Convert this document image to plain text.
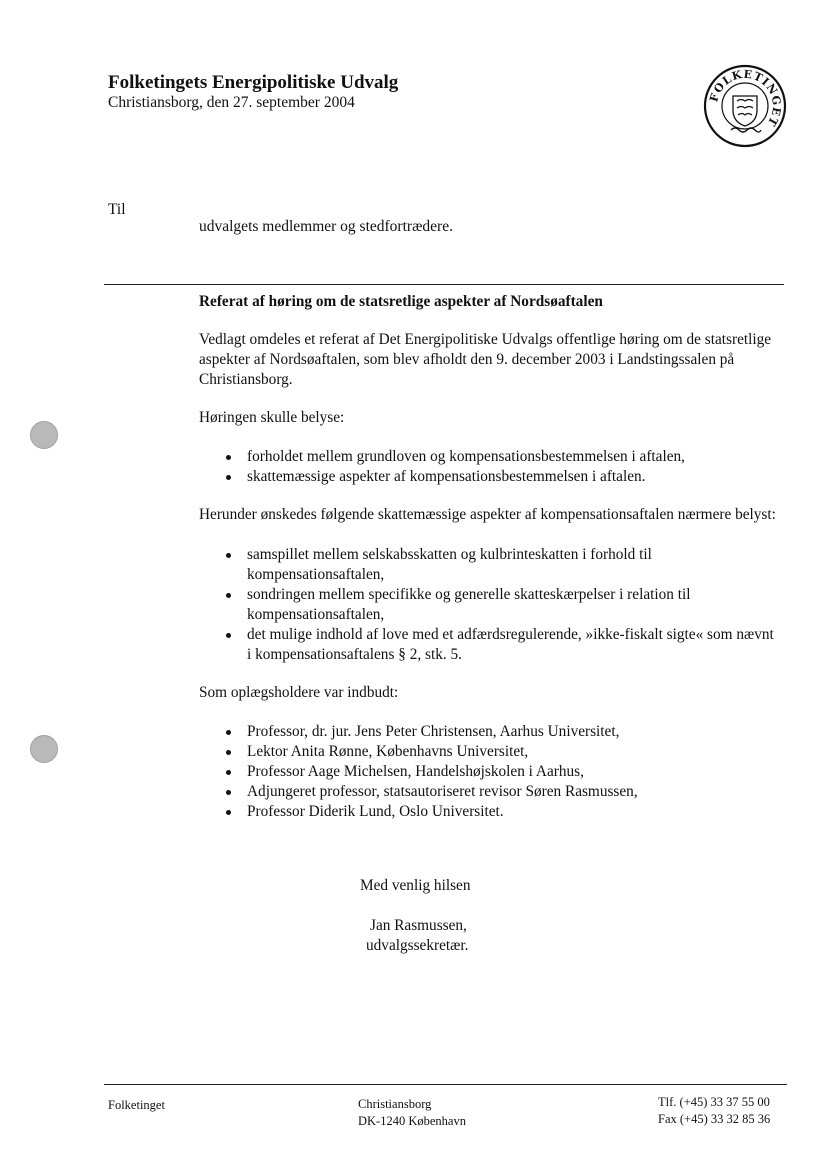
Folketingets Energipolitiske Udvalg
Christiansborg, den 27. september 2004	FOLKETINGET
Til
udvalgets medlemmer og stedfortrædere.

Referat af høring om de statsretlige aspekter af Nordsøaftalen

Vedlagt omdeles et referat af Det Energipolitiske Udvalgs offentlige høring om de statsretlige aspekter af Nordsøaftalen, som blev afholdt den 9. december 2003 i Landstingssalen på Christiansborg.

Høringen skulle belyse:

forholdet mellem grundloven og kompensationsbestemmelsen i aftalen,
skattemæssige aspekter af kompensationsbestemmelsen i aftalen.

Herunder ønskedes følgende skattemæssige aspekter af kompensationsaftalen nærmere belyst:

samspillet mellem selskabsskatten og kulbrinteskatten i forhold til kompensationsaftalen,
sondringen mellem specifikke og generelle skatteskærpelser i relation til kompensationsaftalen,
det mulige indhold af love med et adfærdsregulerende, »ikke-fiskalt sigte« som nævnt i kompensationsaftalens § 2, stk. 5.

Som oplægsholdere var indbudt:

Professor, dr. jur. Jens Peter Christensen, Aarhus Universitet,
Lektor Anita Rønne, Københavns Universitet,
Professor Aage Michelsen, Handelshøjskolen i Aarhus,
Adjungeret professor, statsautoriseret revisor Søren Rasmussen,
Professor Diderik Lund, Oslo Universitet.
Med venlig hilsen
Jan Rasmussen,
udvalgssekretær.
Folketinget	Christiansborg
DK-1240 København
Tlf. (+45) 33 37 55 00
Fax (+45) 33 32 85 36
